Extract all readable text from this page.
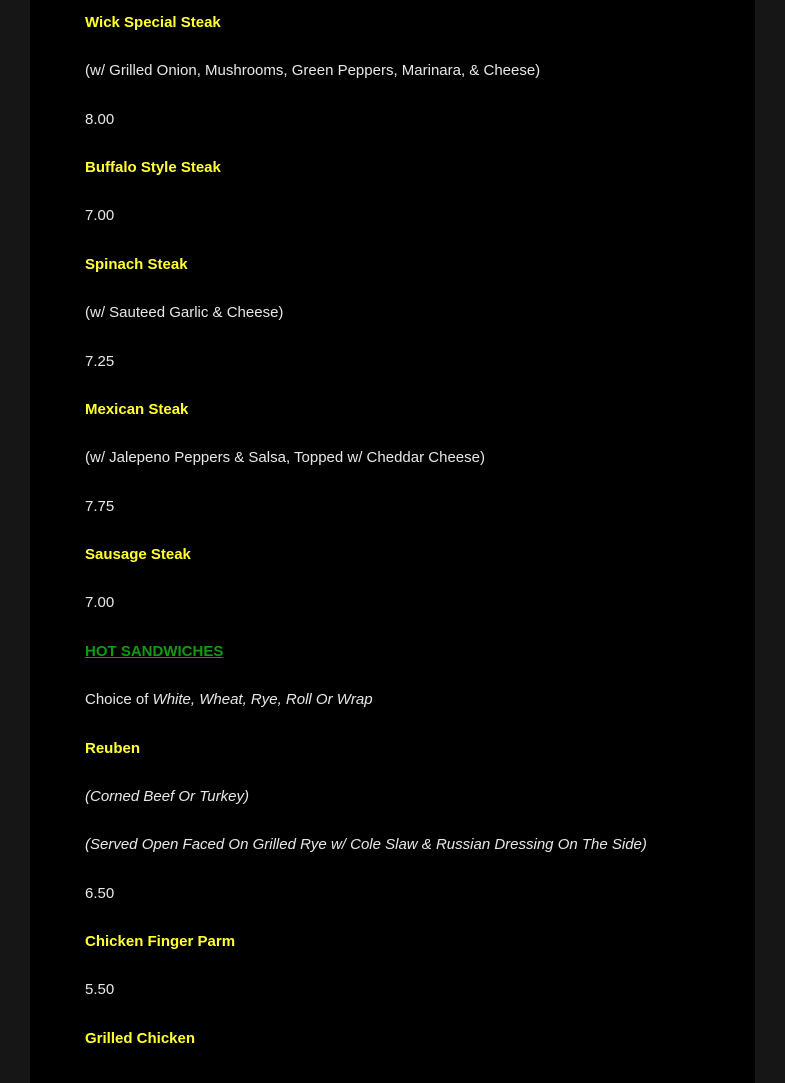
Wick Special Steak
(w/ Grilled Onion, Mushrooms, Green Peppers, Marinara, & Cheese)
8.00
Buffalo Style Steak
7.00
Spinach Steak
(w/ Sauteed Garlic & Cheese)
7.25
Mexican Steak
(w/ Jalepeno Peppers & Salsa, Topped w/ Cheddar Cheese)
7.75
Sausage Steak
7.00
HOT SANDWICHES
Choice of White, Wheat, Rye, Roll Or Wrap
Reuben
(Corned Beef Or Turkey)
(Served Open Faced On Grilled Rye w/ Cole Slaw & Russian Dressing On The Side)
6.50
Chicken Finger Parm
5.50
Grilled Chicken
